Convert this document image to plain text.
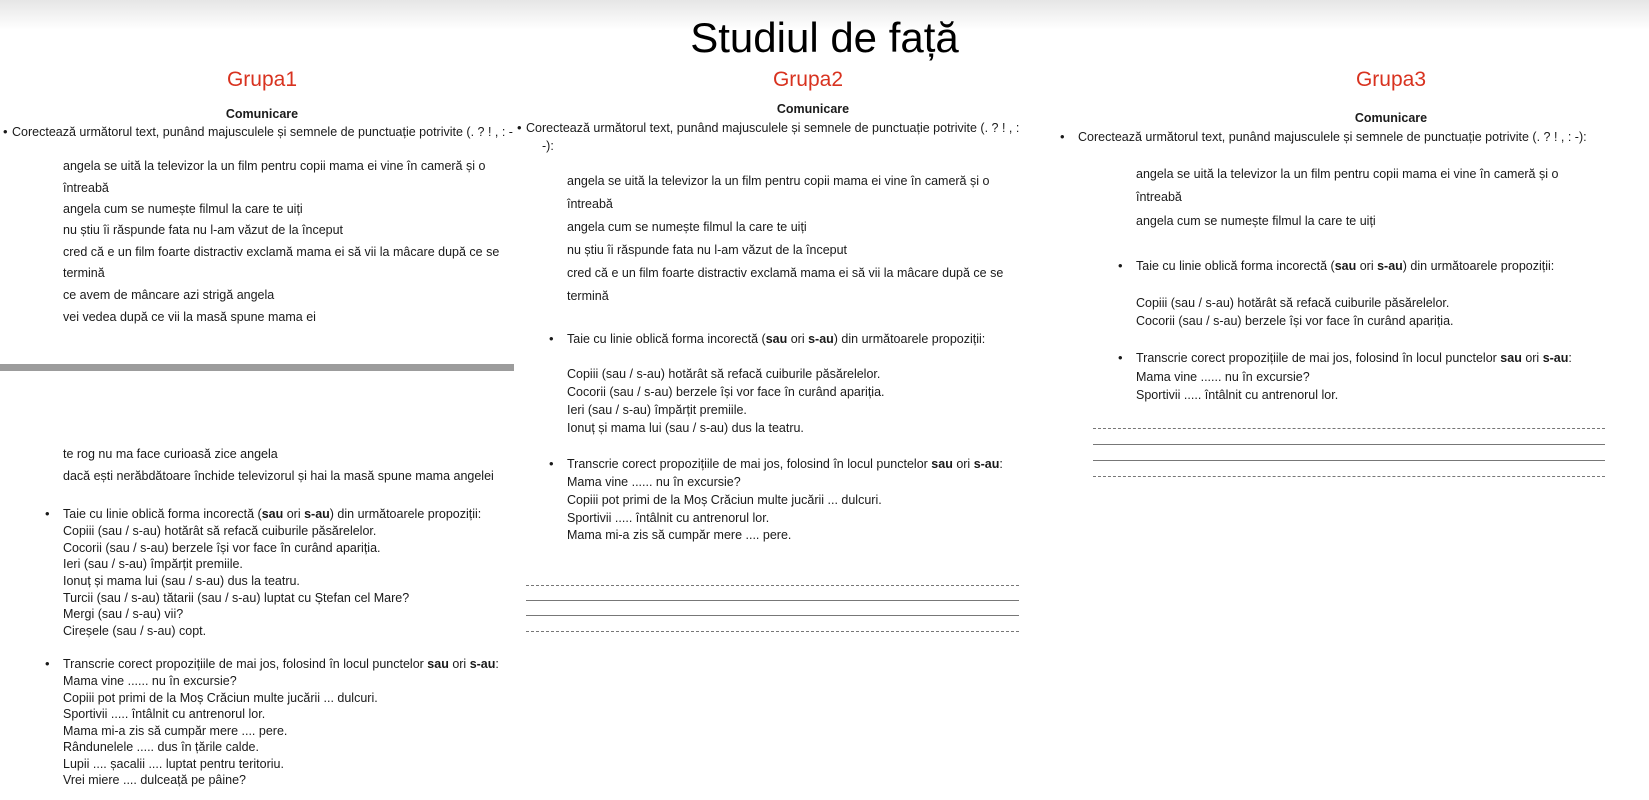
Studiul de față
Grupa1
Comunicare
• Corectează următorul text, punând majusculele și semnele de punctuație potrivite (. ? ! , : -
angela se uită la televizor la un film pentru copii mama ei vine în cameră și o
întreabă
angela cum se numește filmul la care te uiți
nu știu îi răspunde fata nu l-am văzut de la început
cred că e un film foarte distractiv exclamă mama ei să vii la mâcare după ce se
termină
ce avem de mâncare azi strigă angela
vei vedea după ce vii la masă spune mama ei
te rog nu ma face curioasă zice angela
dacă ești nerăbdătoare închide televizorul și hai la masă spune mama angelei
• Taie cu linie oblică forma incorectă (sau ori s-au) din următoarele propoziții:
Copiii (sau / s-au) hotărât să refacă cuiburile păsărelelor.
Cocorii (sau / s-au) berzele își vor face în curând apariția.
Ieri (sau / s-au) împărțit premiile.
Ionuț și mama lui (sau / s-au) dus la teatru.
Turcii (sau / s-au) tătarii (sau / s-au) luptat cu Ștefan cel Mare?
Mergi (sau / s-au) vii?
Cireșele (sau / s-au) copt.
• Transcrie corect propozițiile de mai jos, folosind în locul punctelor sau ori s-au:
Mama vine ...... nu în excursie?
Copiii pot primi de la Moș Crăciun multe jucării ... dulcuri.
Sportivii ..... întâlnit cu antrenorul lor.
Mama mi-a zis să cumpăr mere .... pere.
Rândunelele ..... dus în țările calde.
Lupii .... șacalii .... luptat pentru teritoriu.
Vrei miere .... dulceață pe pâine?
Grupa2
Comunicare
• Corectează următorul text, punând majusculele și semnele de punctuație potrivite (. ? ! , :
-):
angela se uită la televizor la un film pentru copii mama ei vine în cameră și o
întreabă
angela cum se numește filmul la care te uiți
nu știu îi răspunde fata nu l-am văzut de la început
cred că e un film foarte distractiv exclamă mama ei să vii la mâcare după ce se
termină
• Taie cu linie oblică forma incorectă (sau ori s-au) din următoarele propoziții:
Copiii (sau / s-au) hotărât să refacă cuiburile păsărelelor.
Cocorii (sau / s-au) berzele își vor face în curând apariția.
Ieri (sau / s-au) împărțit premiile.
Ionuț și mama lui (sau / s-au) dus la teatru.
• Transcrie corect propozițiile de mai jos, folosind în locul punctelor sau ori s-au:
Mama vine ...... nu în excursie?
Copiii pot primi de la Moș Crăciun multe jucării ... dulcuri.
Sportivii ..... întâlnit cu antrenorul lor.
Mama mi-a zis să cumpăr mere .... pere.
Grupa3
Comunicare
• Corectează următorul text, punând majusculele și semnele de punctuație potrivite (. ? ! , : -):
angela se uită la televizor la un film pentru copii mama ei vine în cameră și o
întreabă
angela cum se numește filmul la care te uiți
• Taie cu linie oblică forma incorectă (sau ori s-au) din următoarele propoziții:
Copiii (sau / s-au) hotărât să refacă cuiburile păsărelelor.
Cocorii (sau / s-au) berzele își vor face în curând apariția.
• Transcrie corect propozițiile de mai jos, folosind în locul punctelor sau ori s-au:
Mama vine ...... nu în excursie?
Sportivii ..... întâlnit cu antrenorul lor.
